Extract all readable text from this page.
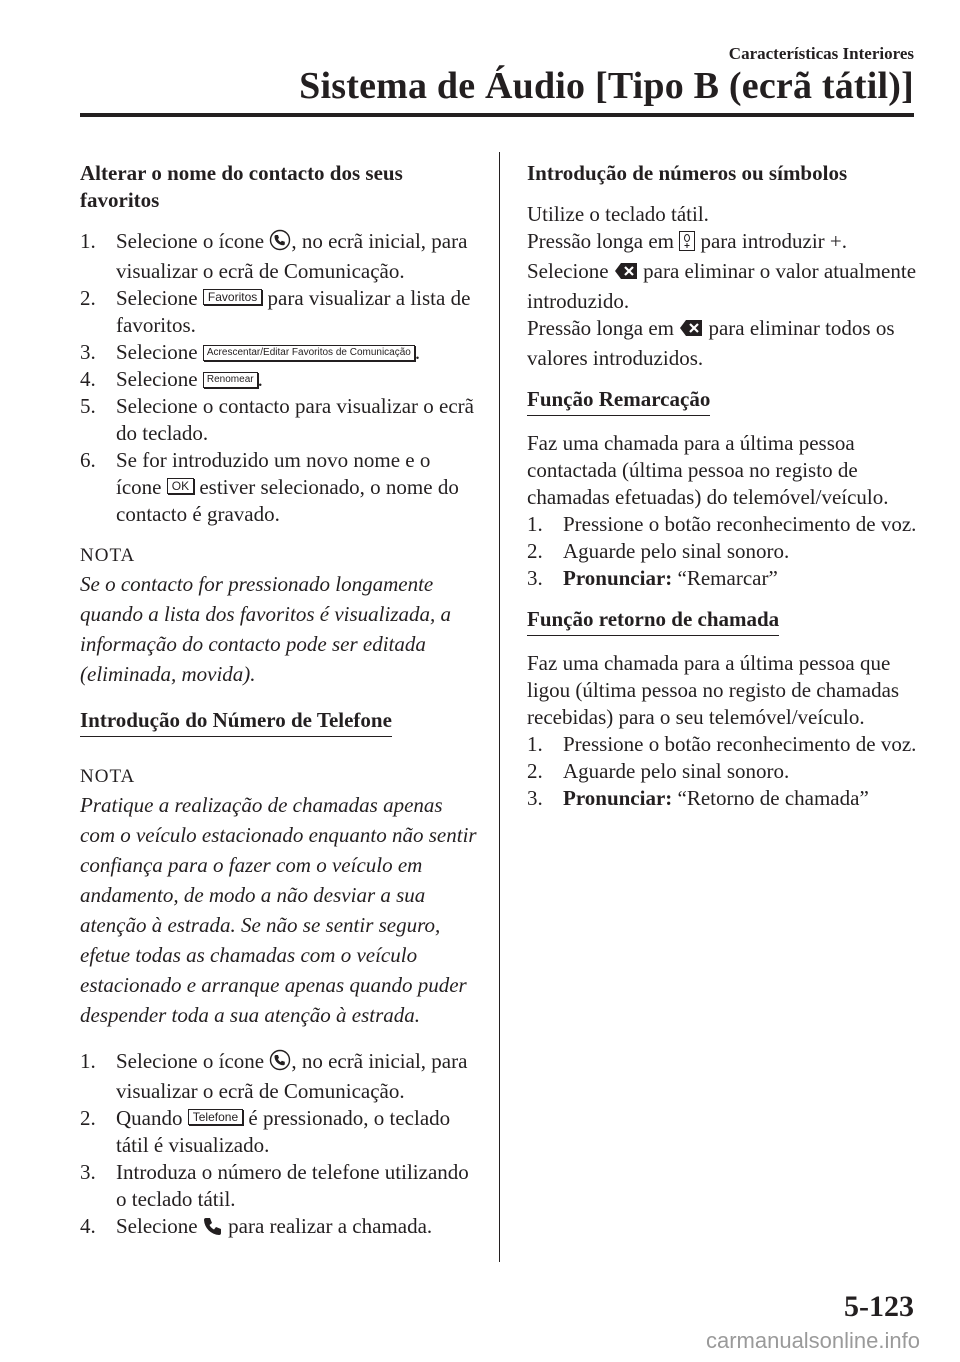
Características Interiores
Sistema de Áudio [Tipo B (ecrã tátil)]
Alterar o nome do contacto dos seus favoritos
1. Selecione o ícone , no ecrã inicial, para visualizar o ecrã de Comunicação.
2. Selecione Favoritos para visualizar a lista de favoritos.
3. Selecione Acrescentar/Editar Favoritos de Comunicação .
4. Selecione Renomear .
5. Selecione o contacto para visualizar o ecrã do teclado.
6. Se for introduzido um novo nome e o ícone OK estiver selecionado, o nome do contacto é gravado.
NOTA
Se o contacto for pressionado longamente quando a lista dos favoritos é visualizada, a informação do contacto pode ser editada (eliminada, movida).
Introdução do Número de Telefone
NOTA
Pratique a realização de chamadas apenas com o veículo estacionado enquanto não sentir confiança para o fazer com o veículo em andamento, de modo a não desviar a sua atenção à estrada. Se não se sentir seguro, efetue todas as chamadas com o veículo estacionado e arranque apenas quando puder despender toda a sua atenção à estrada.
1. Selecione o ícone , no ecrã inicial, para visualizar o ecrã de Comunicação.
2. Quando Telefone é pressionado, o teclado tátil é visualizado.
3. Introduza o número de telefone utilizando o teclado tátil.
4. Selecione para realizar a chamada.
Introdução de números ou símbolos

Utilize o teclado tátil.

Pressão longa em para introduzir +.

Selecione para eliminar o valor atualmente introduzido.

Pressão longa em para eliminar todos os valores introduzidos.

Função Remarcação

Faz uma chamada para a última pessoa contactada (última pessoa no registo de chamadas efetuadas) do telemóvel/veículo.

1. Pressione o botão reconhecimento de voz.
2. Aguarde pelo sinal sonoro.
3. Pronunciar: “Remarcar”
Função retorno de chamada

Faz uma chamada para a última pessoa que ligou (última pessoa no registo de chamadas recebidas) para o seu telemóvel/veículo.

1. Pressione o botão reconhecimento de voz.
2. Aguarde pelo sinal sonoro.
3. Pronunciar: “Retorno de chamada”
5-123
carmanualsonline.info
